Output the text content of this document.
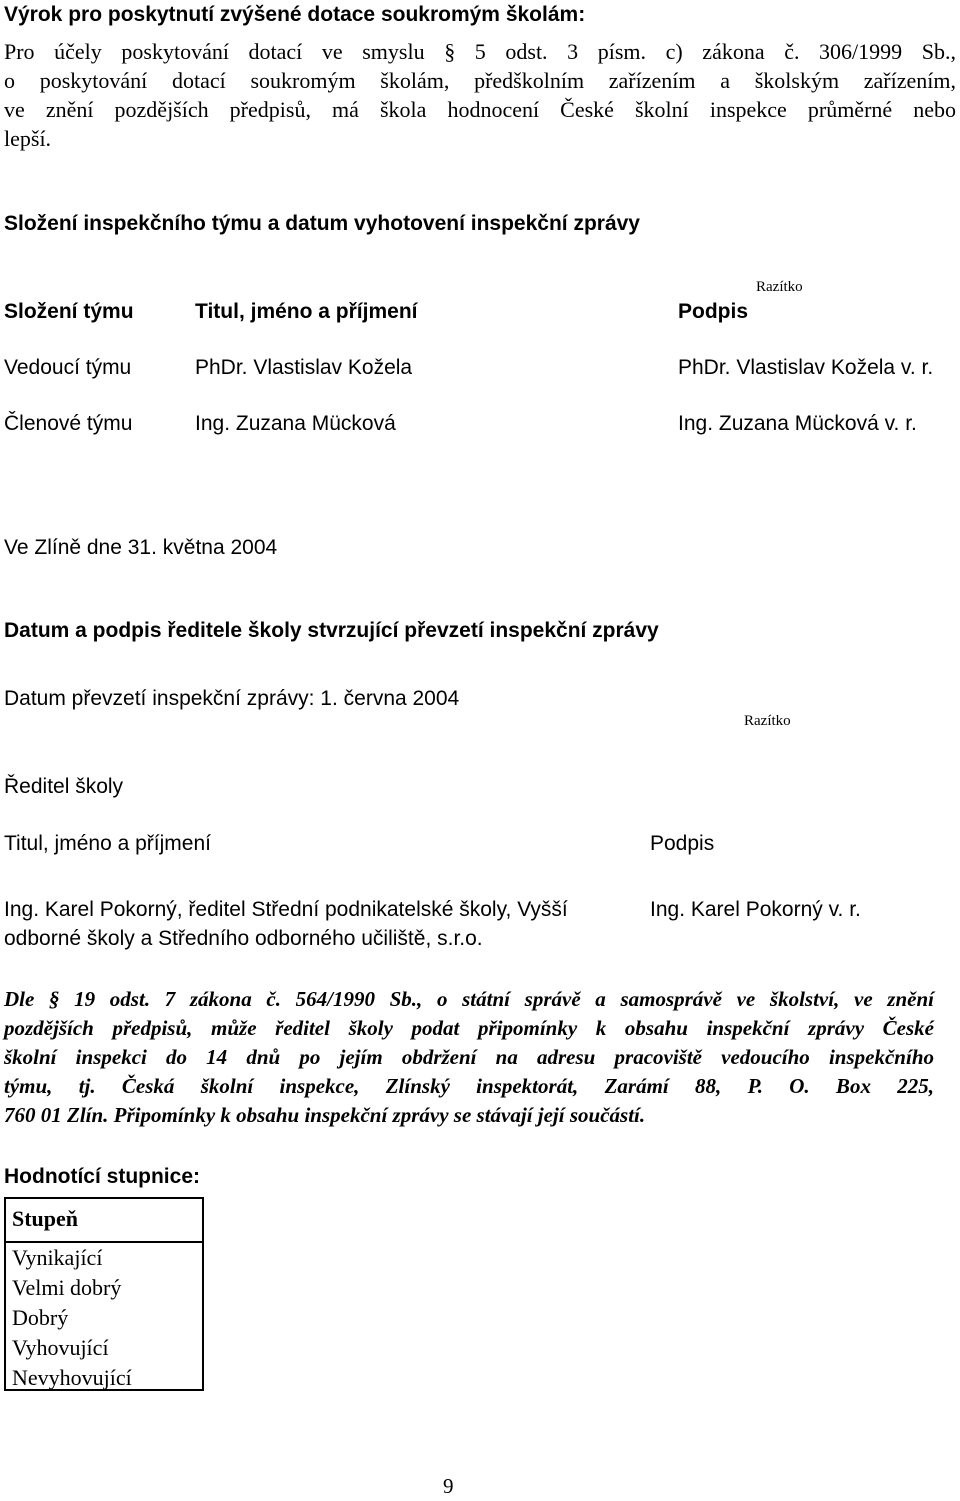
Výrok pro poskytnutí zvýšené dotace soukromým školám:
Pro účely poskytování dotací ve smyslu § 5 odst. 3 písm. c) zákona č. 306/1999 Sb.,
o poskytování dotací soukromým školám, předškolním zařízením a školským zařízením,
ve znění pozdějších předpisů, má škola hodnocení České školní inspekce průměrné nebo
lepší.
Složení inspekčního týmu a datum vyhotovení inspekční zprávy
Razítko
Složení týmu	Titul, jméno a příjmení	Podpis
Vedoucí týmu	PhDr. Vlastislav Kožela	PhDr. Vlastislav Kožela v. r.
Členové týmu	Ing. Zuzana Mücková	Ing. Zuzana Mücková v. r.
Ve Zlíně dne 31. května 2004
Datum a podpis ředitele školy stvrzující převzetí inspekční zprávy
Datum převzetí inspekční zprávy: 1. června 2004
Razítko
Ředitel školy
Titul, jméno a příjmení	Podpis
Ing. Karel Pokorný, ředitel Střední podnikatelské školy, Vyšší
odborné školy a Středního odborného učiliště, s.r.o.
Ing. Karel Pokorný v. r.
Dle § 19 odst. 7 zákona č. 564/1990 Sb., o státní správě a samosprávě ve školství, ve znění
pozdějších předpisů, může ředitel školy podat připomínky k obsahu inspekční zprávy České
školní inspekci do 14 dnů po jejím obdržení na adresu pracoviště vedoucího inspekčního
týmu, tj. Česká školní inspekce, Zlínský inspektorát, Zarámí 88, P. O. Box 225,
760 01 Zlín. Připomínky k obsahu inspekční zprávy se stávají její součástí.
Hodnotící stupnice:
Stupeň
Vynikající
Velmi dobrý
Dobrý
Vyhovující
Nevyhovující
9
